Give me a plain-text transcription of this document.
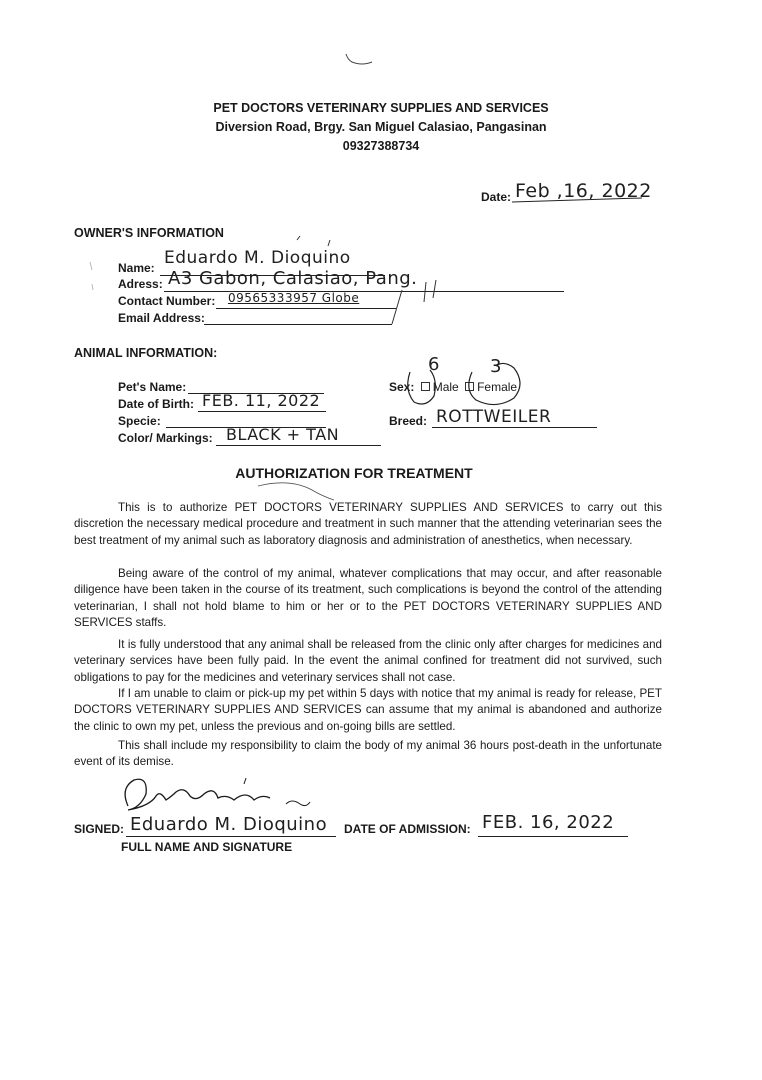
PET DOCTORS VETERINARY SUPPLIES AND SERVICES
Diversion Road, Brgy. San Miguel Calasiao, Pangasinan
09327388734
Date: Feb ,16, 2022
OWNER'S INFORMATION
Name: Eduardo M. Dioquino
Adress: A3 Gabon, Calasiao, Pang.
Contact Number: 09565333957 Globe
Email Address:
ANIMAL INFORMATION:
Pet's Name:
Date of Birth: FEB. 11, 2022
Specie:
Color/ Markings: BLACK + TAN
Sex: Male Female
6	3
Breed: ROTTWEILER
AUTHORIZATION FOR TREATMENT
This is to authorize PET DOCTORS VETERINARY SUPPLIES AND SERVICES to carry out this discretion the necessary medical procedure and treatment in such manner that the attending veterinarian sees the best treatment of my animal such as laboratory diagnosis and administration of anesthetics, when necessary.
Being aware of the control of my animal, whatever complications that may occur, and after reasonable diligence have been taken in the course of its treatment, such complications is beyond the control of the attending veterinarian, I shall not hold blame to him or her or to the PET DOCTORS VETERINARY SUPPLIES AND SERVICES staffs.
It is fully understood that any animal shall be released from the clinic only after charges for medicines and veterinary services have been fully paid. In the event the animal confined for treatment did not survived, such obligations to pay for the medicines and veterinary services shall not case.
If I am unable to claim or pick-up my pet within 5 days with notice that my animal is ready for release, PET DOCTORS VETERINARY SUPPLIES AND SERVICES can assume that my animal is abandoned and authorize the clinic to own my pet, unless the previous and on-going bills are settled.
This shall include my responsibility to claim the body of my animal 36 hours post-death in the unfortunate event of its demise.
SIGNED: Eduardo M. Dioquino
FULL NAME AND SIGNATURE
DATE OF ADMISSION: FEB. 16, 2022
